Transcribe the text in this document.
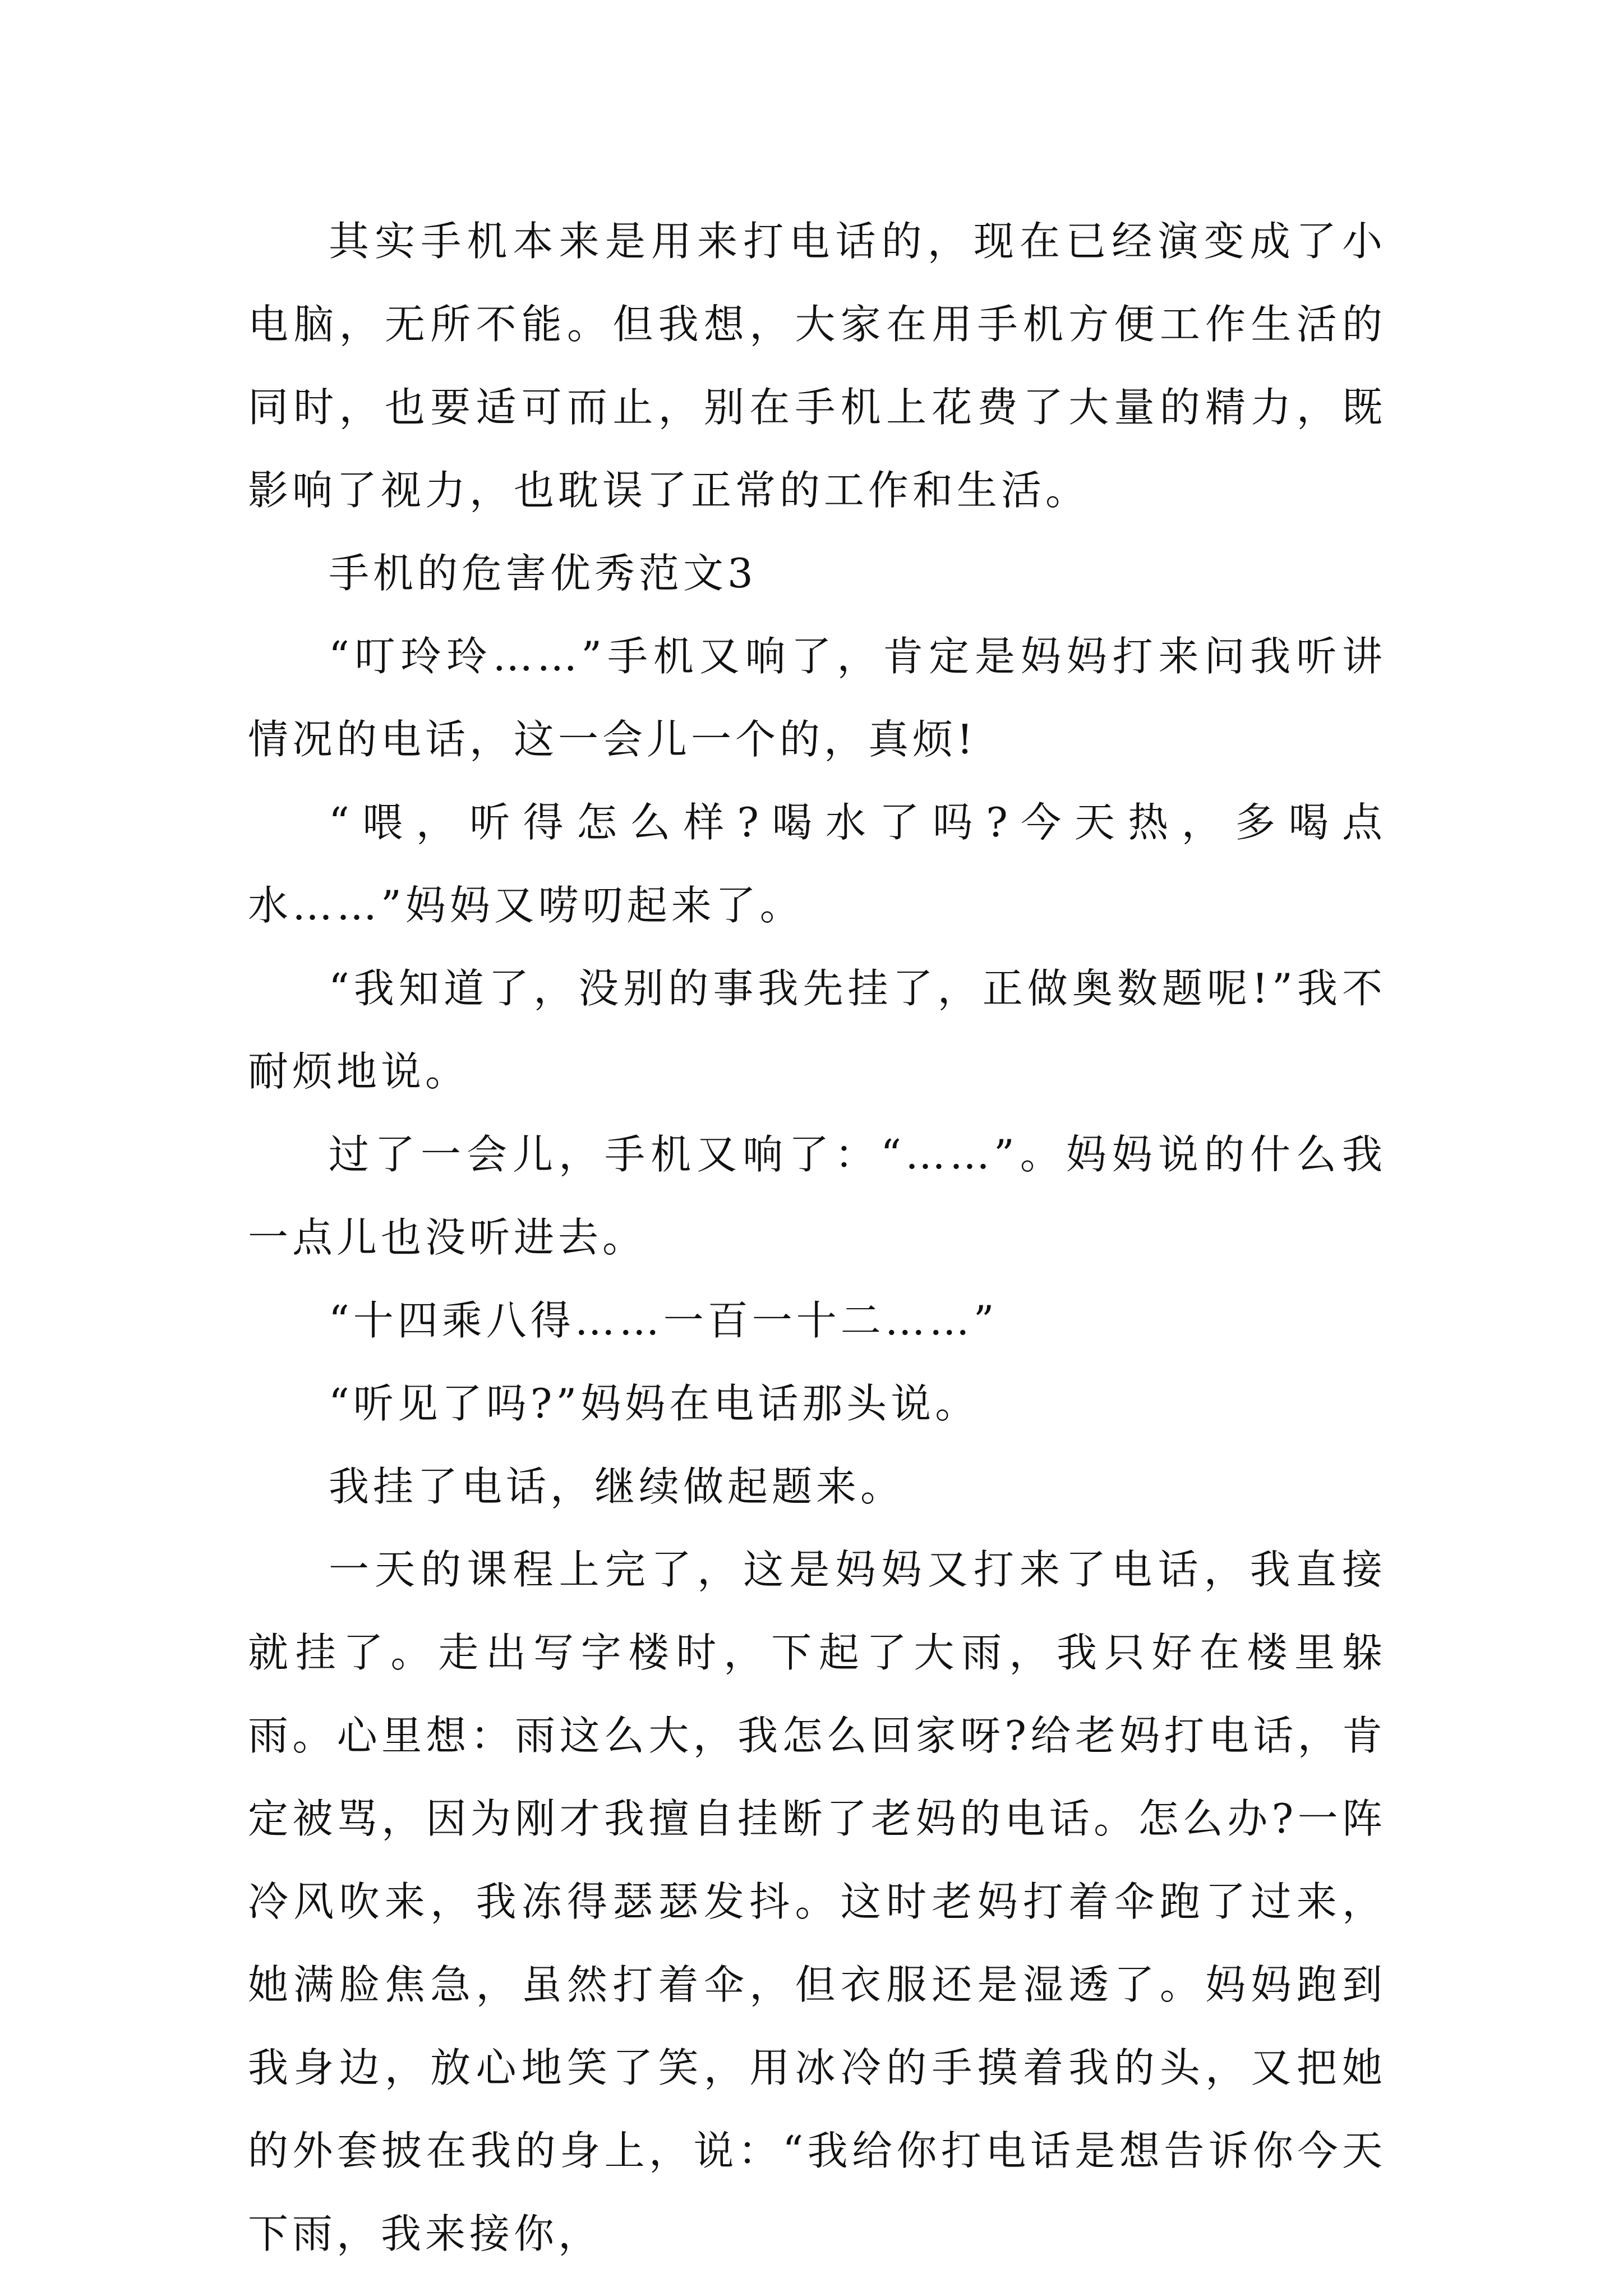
其实手机本来是用来打电话的，现在已经演变成了小电脑，无所不能。但我想，大家在用手机方便工作生活的同时，也要适可而止，别在手机上花费了大量的精力，既影响了视力，也耽误了正常的工作和生活。

手机的危害优秀范文3

“叮玲玲……”手机又响了，肯定是妈妈打来问我听讲情况的电话，这一会儿一个的，真烦!

“喂，听得怎么样?喝水了吗?今天热，多喝点水……”妈妈又唠叨起来了。

“我知道了，没别的事我先挂了，正做奥数题呢!”我不耐烦地说。

过了一会儿，手机又响了：“……”。妈妈说的什么我一点儿也没听进去。

“十四乘八得……一百一十二……”

“听见了吗?”妈妈在电话那头说。

我挂了电话，继续做起题来。

一天的课程上完了，这是妈妈又打来了电话，我直接就挂了。走出写字楼时，下起了大雨，我只好在楼里躲雨。心里想：雨这么大，我怎么回家呀?给老妈打电话，肯定被骂，因为刚才我擅自挂断了老妈的电话。怎么办?一阵冷风吹来，我冻得瑟瑟发抖。这时老妈打着伞跑了过来，她满脸焦急，虽然打着伞，但衣服还是湿透了。妈妈跑到我身边，放心地笑了笑，用冰冷的手摸着我的头，又把她的外套披在我的身上，说：“我给你打电话是想告诉你今天下雨，我来接你，
